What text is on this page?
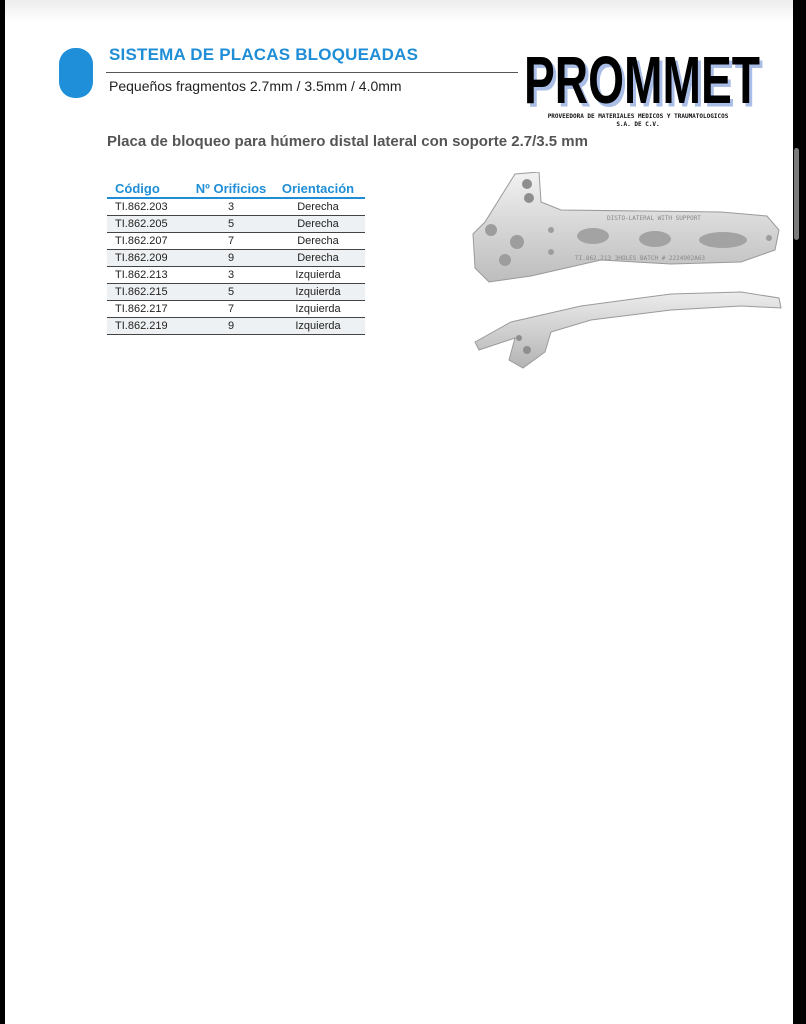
SISTEMA DE PLACAS BLOQUEADAS
Pequeños fragmentos 2.7mm / 3.5mm / 4.0mm PROMMET
PROMMET
PROVEEDORA DE MATERIALES MEDICOS Y TRAUMATOLOGICOS
S.A. DE C.V.
Placa de bloqueo para húmero distal lateral con soporte 2.7/3.5 mm
Código	Nº Orificios	Orientación
TI.862.203	3	Derecha
TI.862.205	5	Derecha
TI.862.207	7	Derecha
TI.862.209	9	Derecha
TI.862.213	3	Izquierda
TI.862.215	5	Izquierda
TI.862.217	7	Izquierda
TI.862.219	9	Izquierda
DISTO-LATERAL WITH SUPPORT
TI.862.213 3HOLES BATCH # 2224902A63
